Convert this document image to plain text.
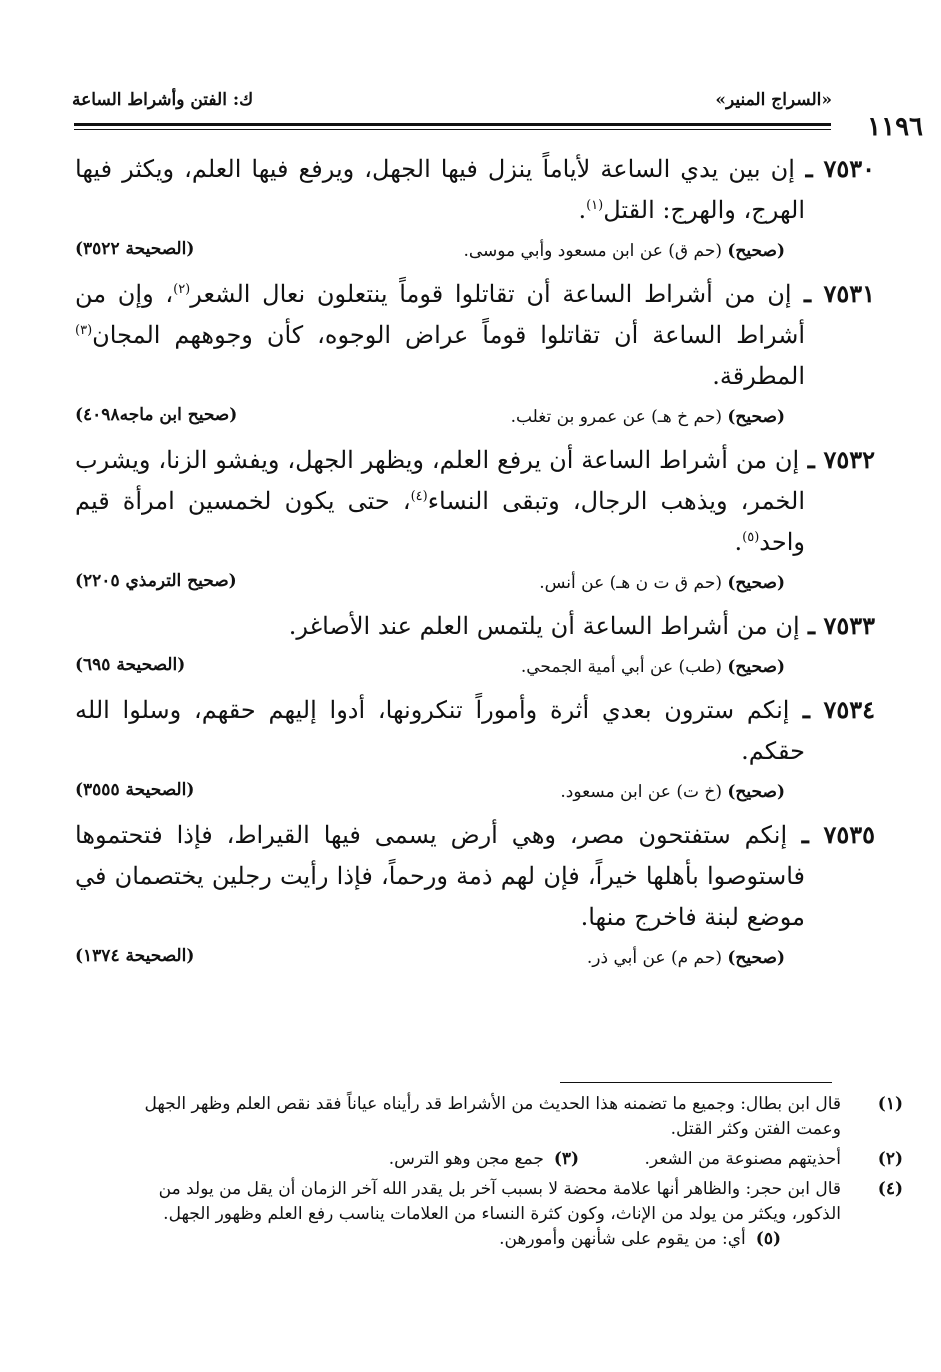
«السراج المنير»
ك: الفتن وأشراط الساعة
١١٩٦

٧٥٣٠ ـ إن بين يدي الساعة لأياماً ينزل فيها الجهل، ويرفع فيها العلم، ويكثر فيها الهرج، والهرج: القتل$^{(١)}$.

(صحيح) (حم ق) عن ابن مسعود وأبي موسى.
(الصحيحة ٣٥٢٢)

٧٥٣١ ـ إن من أشراط الساعة أن تقاتلوا قوماً ينتعلون نعال الشعر$^{(٢)}$، وإن من أشراط الساعة أن تقاتلوا قوماً عراض الوجوه، كأن وجوههم المجان$^{(٣)}$ المطرقة.

(صحيح) (حم خ هـ) عن عمرو بن تغلب.
(صحيح ابن ماجه٤٠٩٨)

٧٥٣٢ ـ إن من أشراط الساعة أن يرفع العلم، ويظهر الجهل، ويفشو الزنا، ويشرب الخمر، ويذهب الرجال، وتبقى النساء$^{(٤)}$، حتى يكون لخمسين امرأة قيم واحد$^{(٥)}$.

(صحيح) (حم ق ت ن هـ) عن أنس.
(صحيح الترمذي ٢٢٠٥)

٧٥٣٣ ـ إن من أشراط الساعة أن يلتمس العلم عند الأصاغر.

(صحيح) (طب) عن أبي أمية الجمحي.
(الصحيحة ٦٩٥)

٧٥٣٤ ـ إنكم سترون بعدي أثرة وأموراً تنكرونها، أدوا إليهم حقهم، وسلوا الله حقكم.

(صحيح) (خ ت) عن ابن مسعود.
(الصحيحة ٣٥٥٥)

٧٥٣٥ ـ إنكم ستفتحون مصر، وهي أرض يسمى فيها القيراط، فإذا فتحتموها فاستوصوا بأهلها خيراً، فإن لهم ذمة ورحماً، فإذا رأيت رجلين يختصمان في موضع لبنة فاخرج منها.

(صحيح) (حم م) عن أبي ذر.
(الصحيحة ١٣٧٤)

(١)
قال ابن بطال: وجميع ما تضمنه هذا الحديث من الأشراط قد رأيناه عياناً فقد نقص العلم وظهر الجهل وعمت الفتن وكثر القتل.

(٢)
أحذيتهم مصنوعة من الشعر. (٣)جمع مجن وهو الترس.

(٤)
قال ابن حجر: والظاهر أنها علامة محضة لا بسبب آخر بل يقدر الله آخر الزمان أن يقل من يولد من الذكور، ويكثر من يولد من الإناث، وكون كثرة النساء من العلامات يناسب رفع العلم وظهور الجهل. (٥)أي: من يقوم على شأنهن وأمورهن.
